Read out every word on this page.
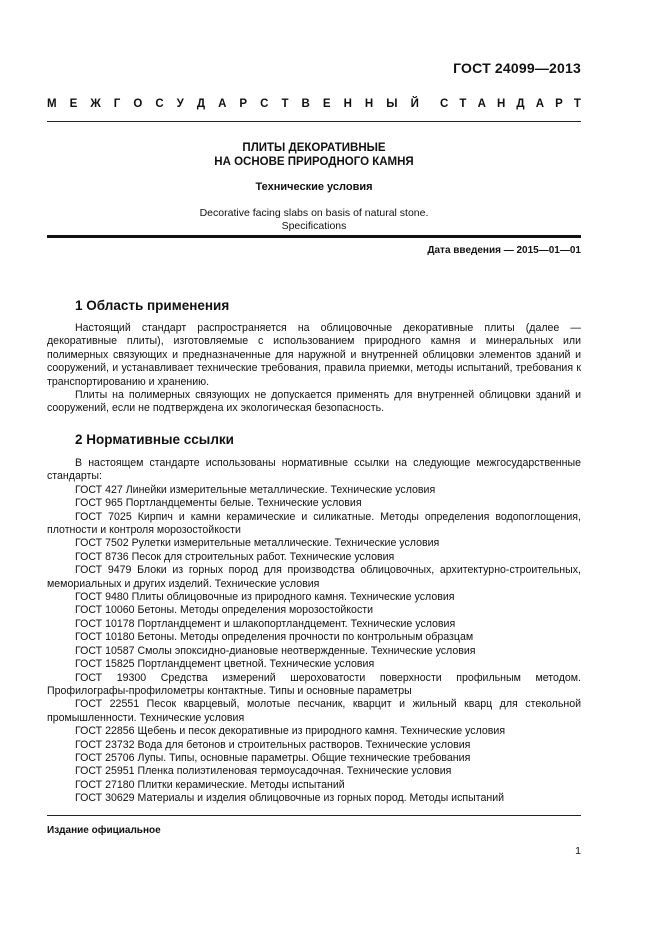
ГОСТ 24099—2013
М Е Ж Г О С У Д А Р С Т В Е Н Н Ы Й С Т А Н Д А Р Т
ПЛИТЫ ДЕКОРАТИВНЫЕ
НА ОСНОВЕ ПРИРОДНОГО КАМНЯ
Технические условия
Decorative facing slabs on basis of natural stone.
Specifications
Дата введения — 2015—01—01
1 Область применения

Настоящий стандарт распространяется на облицовочные декоративные плиты (далее — декоративные плиты), изготовляемые с использованием природного камня и минеральных или полимерных связующих и предназначенные для наружной и внутренней облицовки элементов зданий и сооружений, и устанавливает технические требования, правила приемки, методы испытаний, требования к транспортированию и хранению.

Плиты на полимерных связующих не допускается применять для внутренней облицовки зданий и сооружений, если не подтверждена их экологическая безопасность.

2 Нормативные ссылки

В настоящем стандарте использованы нормативные ссылки на следующие межгосударственные стандарты:

ГОСТ 427 Линейки измерительные металлические. Технические условия
ГОСТ 965 Портландцементы белые. Технические условия
ГОСТ 7025 Кирпич и камни керамические и силикатные. Методы определения водопоглощения, плотности и контроля морозостойкости
ГОСТ 7502 Рулетки измерительные металлические. Технические условия
ГОСТ 8736 Песок для строительных работ. Технические условия
ГОСТ 9479 Блоки из горных пород для производства облицовочных, архитектурно-строительных, мемориальных и других изделий. Технические условия
ГОСТ 9480 Плиты облицовочные из природного камня. Технические условия
ГОСТ 10060 Бетоны. Методы определения морозостойкости
ГОСТ 10178 Портландцемент и шлакопортландцемент. Технические условия
ГОСТ 10180 Бетоны. Методы определения прочности по контрольным образцам
ГОСТ 10587 Смолы эпоксидно-диановые неотвержденные. Технические условия
ГОСТ 15825 Портландцемент цветной. Технические условия
ГОСТ 19300 Средства измерений шероховатости поверхности профильным методом. Профилографы-профилометры контактные. Типы и основные параметры
ГОСТ 22551 Песок кварцевый, молотые песчаник, кварцит и жильный кварц для стекольной промышленности. Технические условия
ГОСТ 22856 Щебень и песок декоративные из природного камня. Технические условия
ГОСТ 23732 Вода для бетонов и строительных растворов. Технические условия
ГОСТ 25706 Лупы. Типы, основные параметры. Общие технические требования
ГОСТ 25951 Пленка полиэтиленовая термоусадочная. Технические условия
ГОСТ 27180 Плитки керамические. Методы испытаний
ГОСТ 30629 Материалы и изделия облицовочные из горных пород. Методы испытаний
Издание официальное
1
